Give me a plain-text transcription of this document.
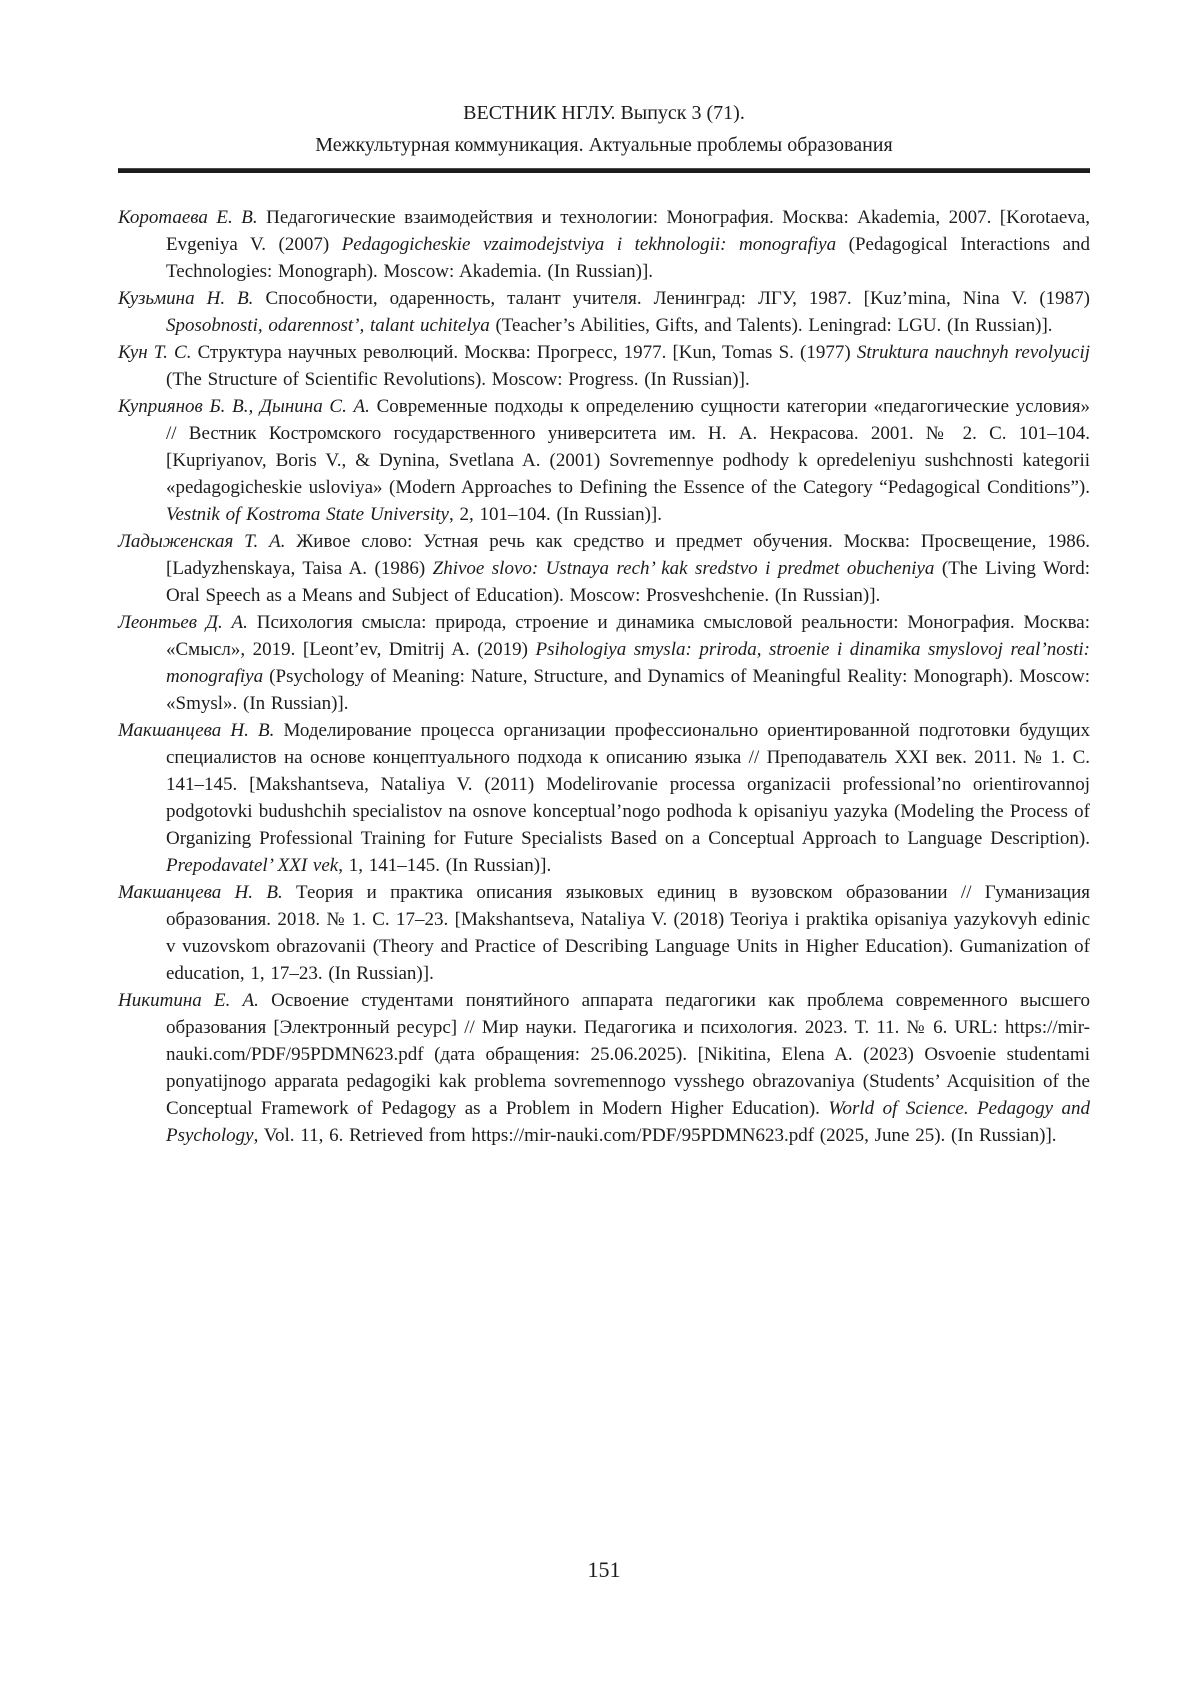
ВЕСТНИК НГЛУ. Выпуск 3 (71).
Межкультурная коммуникация. Актуальные проблемы образования

Коротаева Е. В. Педагогические взаимодействия и технологии: Монография. Москва: Akademia, 2007. [Korotaeva, Evgeniya V. (2007) Pedagogicheskie vzaimodejstviya i tekhnologii: monografiya (Pedagogical Interactions and Technologies: Monograph). Moscow: Akademia. (In Russian)].

Кузьмина Н. В. Способности, одаренность, талант учителя. Ленинград: ЛГУ, 1987. [Kuz’mina, Nina V. (1987) Sposobnosti, odarennost’, talant uchitelya (Teacher’s Abilities, Gifts, and Talents). Leningrad: LGU. (In Russian)].

Кун Т. С. Структура научных революций. Москва: Прогресс, 1977. [Kun, Tomas S. (1977) Struktura nauchnyh revolyucij (The Structure of Scientific Revolutions). Moscow: Progress. (In Russian)].

Куприянов Б. В., Дынина С. А. Современные подходы к определению сущности категории «педагогические условия» // Вестник Костромского государственного университета им. Н. А. Некрасова. 2001. № 2. С. 101–104. [Kupriyanov, Boris V., & Dynina, Svetlana A. (2001) Sovremennye podhody k opredeleniyu sushchnosti kategorii «pedagogicheskie usloviya» (Modern Approaches to Defining the Essence of the Category “Pedagogical Conditions”). Vestnik of Kostroma State University, 2, 101–104. (In Russian)].

Ладыженская Т. А. Живое слово: Устная речь как средство и предмет обучения. Москва: Просвещение, 1986. [Ladyzhenskaya, Taisa A. (1986) Zhivoe slovo: Ustnaya rech’ kak sredstvo i predmet obucheniya (The Living Word: Oral Speech as a Means and Subject of Education). Moscow: Prosveshchenie. (In Russian)].

Леонтьев Д. А. Психология смысла: природа, строение и динамика смысловой реальности: Монография. Москва: «Смысл», 2019. [Leont’ev, Dmitrij A. (2019) Psihologiya smysla: priroda, stroenie i dinamika smyslovoj real’nosti: monografiya (Psychology of Meaning: Nature, Structure, and Dynamics of Meaningful Reality: Monograph). Moscow: «Smysl». (In Russian)].

Макшанцева Н. В. Моделирование процесса организации профессионально ориентированной подготовки будущих специалистов на основе концептуального подхода к описанию языка // Преподаватель XXI век. 2011. № 1. С. 141–145. [Makshantseva, Nataliya V. (2011) Modelirovanie processa organizacii professional’no orientirovannoj podgotovki budushchih specialistov na osnove konceptual’nogo podhoda k opisaniyu yazyka (Modeling the Process of Organizing Professional Training for Future Specialists Based on a Conceptual Approach to Language Description). Prepodavatel’ XXI vek, 1, 141–145. (In Russian)].

Макшанцева Н. В. Теория и практика описания языковых единиц в вузовском образовании // Гуманизация образования. 2018. № 1. С. 17–23. [Makshantseva, Nataliya V. (2018) Teoriya i praktika opisaniya yazykovyh edinic v vuzovskom obrazovanii (Theory and Practice of Describing Language Units in Higher Education). Gumanization of education, 1, 17–23. (In Russian)].

Никитина Е. А. Освоение студентами понятийного аппарата педагогики как проблема современного высшего образования [Электронный ресурс] // Мир науки. Педагогика и психология. 2023. Т. 11. № 6. URL: https://mir-nauki.com/PDF/95PDMN623.pdf (дата обращения: 25.06.2025). [Nikitina, Elena A. (2023) Osvoenie studentami ponyatijnogo apparata pedagogiki kak problema sovremennogo vysshego obrazovaniya (Students’ Acquisition of the Conceptual Framework of Pedagogy as a Problem in Modern Higher Education). World of Science. Pedagogy and Psychology, Vol. 11, 6. Retrieved from https://mir-nauki.com/PDF/95PDMN623.pdf (2025, June 25). (In Russian)].

151
